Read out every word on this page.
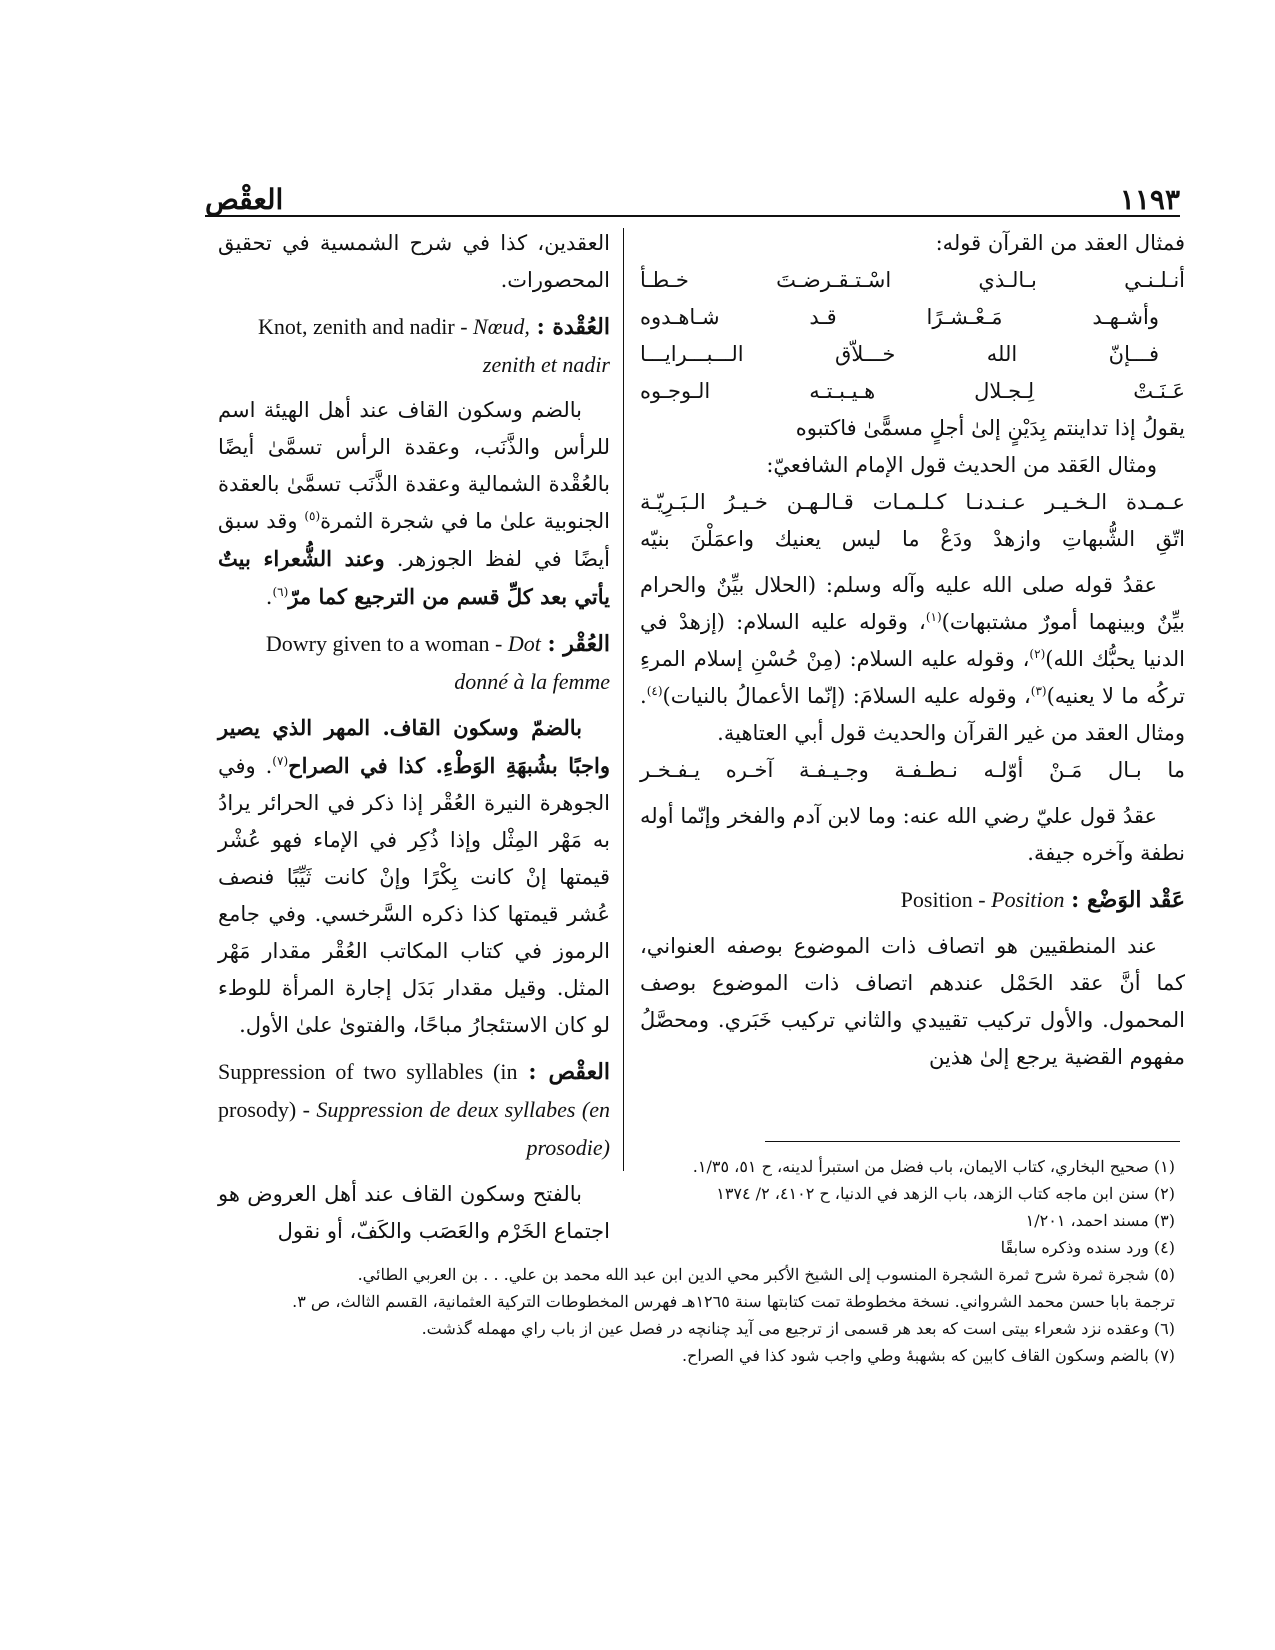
١١٩٣
العقْص

فمثال العقد من القرآن قوله:

أنـلـنـي بـالـذي اسْـتـقـرضـتَ خـطـأ

وأشـهـد مَـعْـشـرًا قـد شـاهـدوه

فـــإنّ الله خـــلاّق الـــبـــرايـــا

عَـنَـتْ لِـجـلال هـيـبـتـه الـوجـوه

يقولُ إذا تداينتم بِدَيْنٍ إلىٰ أجلٍ مسمًّىٰ فاكتبوه

ومثال العَقد من الحديث قول الإمام الشافعيّ:

عـمـدة الـخـيـر عـنـدنـا كـلـمـات قـالـهـن خـيـرُ الـبَـرِيّـة

اتّقِ الشُّبهاتِ وازهدْ ودَعْ ما ليس يعنيك واعمَلْنَ بنيّه

عقدُ قوله صلى الله عليه وآله وسلم: (الحلال بيِّنٌ والحرام بيِّنٌ وبينهما أمورٌ مشتبهات)$^{(١)}$، وقوله عليه السلام: (إزهدْ في الدنيا يحبُّك الله)$^{(٢)}$، وقوله عليه السلام: (مِنْ حُسْنِ إسلام المرءِ تركُه ما لا يعنيه)$^{(٣)}$، وقوله عليه السلامَ: (إنّما الأعمالُ بالنيات)$^{(٤)}$. ومثال العقد من غير القرآن والحديث قول أبي العتاهية.

ما بـال مَـنْ أوّلـه نـطـفـة وجـيـفـة آخـره يـفـخـر

عقدُ قول عليّ رضي الله عنه: وما لابن آدم والفخر وإنّما أوله نطفة وآخره جيفة.

عَقْد الوَضْع : Position - Position

عند المنطقيين هو اتصاف ذات الموضوع بوصفه العنواني، كما أنَّ عقد الحَمْل عندهم اتصاف ذات الموضوع بوصف المحمول. والأول تركيب تقييدي والثاني تركيب خَبَري. ومحصَّلُ مفهوم القضية يرجع إلىٰ هذين

العقدين، كذا في شرح الشمسية في تحقيق المحصورات.

العُقْدة : Knot, zenith and nadir - Nœud,

zenith et nadir

بالضم وسكون القاف عند أهل الهيئة اسم للرأس والذَّنَب، وعقدة الرأس تسمَّىٰ أيضًا بالعُقْدة الشمالية وعقدة الذَّنَب تسمَّىٰ بالعقدة الجنوبية علىٰ ما في شجرة الثمرة$^{(٥)}$ وقد سبق أيضًا في لفظ الجوزهر. وعند الشُّعراء بيتٌ يأتي بعد كلِّ قسم من الترجيع كما مرّ$^{(٦)}$.

العُقْر : Dowry given to a woman - Dot

donné à la femme

بالضمّ وسكون القاف. المهر الذي يصير واجبًا بشُبهَةِ الوَطْءِ. كذا في الصراح$^{(٧)}$. وفي الجوهرة النيرة العُقْر إذا ذكر في الحرائر يرادُ به مَهْر المِثْل وإذا ذُكِر في الإماء فهو عُشْر قيمتها إنْ كانت بِكْرًا وإنْ كانت ثَيِّبًا فنصف عُشر قيمتها كذا ذكره السَّرخسي. وفي جامع الرموز في كتاب المكاتب العُقْر مقدار مَهْر المثل. وقيل مقدار بَدَل إجارة المرأة للوطء لو كان الاستئجارُ مباحًا، والفتوىٰ علىٰ الأول.

العقْص : Suppression of two syllables (in prosody) - Suppression de deux syllabes (en prosodie)

بالفتح وسكون القاف عند أهل العروض هو اجتماع الخَرْم والعَصَب والكَفّ، أو نقول

(١) صحيح البخاري، كتاب الايمان، باب فضل من استبرأ لدينه، ح ٥١، ١/٣٥.

(٢) سنن ابن ماجه كتاب الزهد، باب الزهد في الدنيا، ح ٤١٠٢، ٢/ ١٣٧٤

(٣) مسند احمد، ١/٢٠١

(٤) ورد سنده وذكره سابقًا

(٥) شجرة ثمرة شرح ثمرة الشجرة المنسوب إلى الشيخ الأكبر محي الدين ابن عبد الله محمد بن علي. . . بن العربي الطائي.

ترجمة بابا حسن محمد الشرواني. نسخة مخطوطة تمت كتابتها سنة ١٢٦٥هـ فهرس المخطوطات التركية العثمانية، القسم الثالث، ص ٣.

(٦) وعقده نزد شعراء بيتى است كه بعد هر قسمى از ترجيع مى آيد چنانچه در فصل عين از باب راي مهمله گذشت.

(٧) بالضم وسكون القاف كابين كه بشهبهٔ وطي واجب شود كذا في الصراح.
